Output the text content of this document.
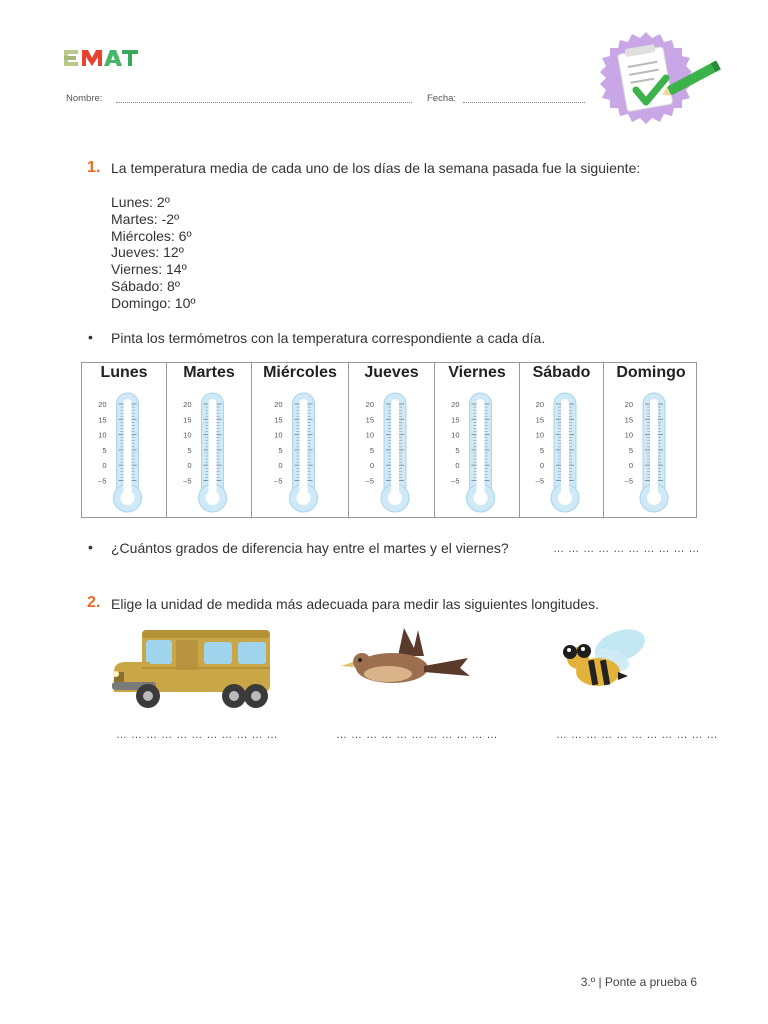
Nombre:	Fecha:
1. La temperatura media de cada uno de los días de la semana pasada fue la siguiente:
Lunes: 2º
Martes: -2º
Miércoles: 6º
Jueves: 12º
Viernes: 14º
Sábado: 8º
Domingo: 10º
• Pinta los termómetros con la temperatura correspondiente a cada día.
Lunes
20
15
10
5
0
–5
Martes
20
15
10
5
0
–5
Miércoles
20
15
10
5
0
–5
Jueves
20
15
10
5
0
–5
Viernes
20
15
10
5
0
–5
Sábado
20
15
10
5
0
–5
Domingo
20
15
10
5
0
–5
• ¿Cuántos grados de diferencia hay entre el martes y el viernes?	… … … … … … … … … …
2. Elige la unidad de medida más adecuada para medir las siguientes longitudes.
… … … … … … … … … … …	… … … … … … … … … … …	… … … … … … … … … … …
3.º | Ponte a prueba 6
